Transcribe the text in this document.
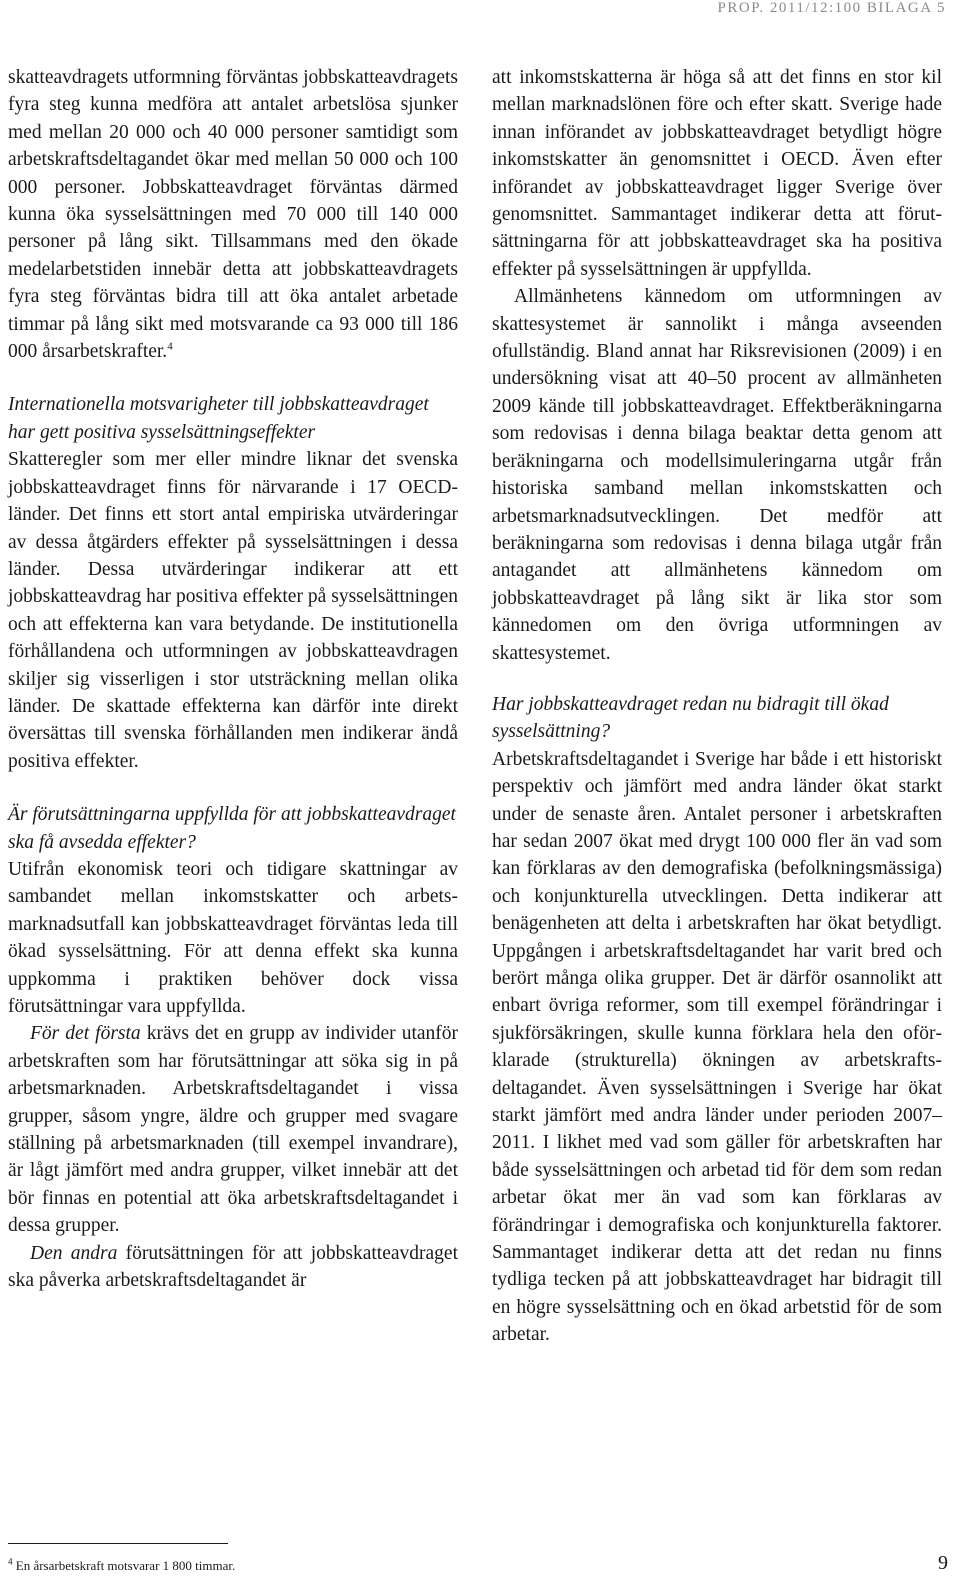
PROP. 2011/12:100 BILAGA 5

skatteavdragets utformning förväntas jobbskatteavdragets fyra steg kunna medföra att antalet arbetslösa sjunker med mellan 20 000 och 40 000 personer samtidigt som arbetskraftsdeltagandet ökar med mellan 50 000 och 100 000 personer. Jobbskatteavdraget förväntas därmed kunna öka sysselsättningen med 70 000 till 140 000 personer på lång sikt. Tillsammans med den ökade medelarbetstiden innebär detta att jobbskatteavdragets fyra steg förväntas bidra till att öka antalet arbetade timmar på lång sikt med motsvarande ca 93 000 till 186 000 årsarbetskrafter.$^4$

Internationella motsvarigheter till jobbskatteavdraget har gett positiva sysselsättningseffekter

Skatteregler som mer eller mindre liknar det svenska jobbskatteavdraget finns för närvarande i 17 OECD-länder. Det finns ett stort antal empiriska utvärderingar av dessa åtgärders effekter på sysselsättningen i dessa länder. Dessa utvärderingar indikerar att ett jobbskatteavdrag har positiva effekter på sysselsättningen och att effekterna kan vara betydande. De institutionella förhållandena och utformningen av jobbskatteavdragen skiljer sig visserligen i stor utsträckning mellan olika länder. De skattade effekterna kan därför inte direkt översättas till svenska förhållanden men indikerar ändå positiva effekter.

Är förutsättningarna uppfyllda för att jobbskatteavdraget ska få avsedda effekter?

Utifrån ekonomisk teori och tidigare skattningar av sambandet mellan inkomstskatter och arbetsmarknadsutfall kan jobbskatteavdraget förväntas leda till ökad sysselsättning. För att denna effekt ska kunna uppkomma i praktiken behöver dock vissa förutsättningar vara uppfyllda.

För det första krävs det en grupp av individer utanför arbetskraften som har förutsättningar att söka sig in på arbetsmarknaden. Arbetskraftsdeltagandet i vissa grupper, såsom yngre, äldre och grupper med svagare ställning på arbetsmarknaden (till exempel invandrare), är lågt jämfört med andra grupper, vilket innebär att det bör finnas en potential att öka arbetskraftsdeltagandet i dessa grupper.

Den andra förutsättningen för att jobbskatteavdraget ska påverka arbetskraftsdeltagandet är

att inkomstskatterna är höga så att det finns en stor kil mellan marknadslönen före och efter skatt. Sverige hade innan införandet av jobbskatteavdraget betydligt högre inkomstskatter än genomsnittet i OECD. Även efter införandet av jobbskatteavdraget ligger Sverige över genomsnittet. Sammantaget indikerar detta att förutsättningarna för att jobbskatteavdraget ska ha positiva effekter på sysselsättningen är uppfyllda.

Allmänhetens kännedom om utformningen av skattesystemet är sannolikt i många avseenden ofullständig. Bland annat har Riksrevisionen (2009) i en undersökning visat att 40–50 procent av allmänheten 2009 kände till jobbskatteavdraget. Effektberäkningarna som redovisas i denna bilaga beaktar detta genom att beräkningarna och modellsimuleringarna utgår från historiska samband mellan inkomstskatten och arbetsmarknadsutvecklingen. Det medför att beräkningarna som redovisas i denna bilaga utgår från antagandet att allmänhetens kännedom om jobbskatteavdraget på lång sikt är lika stor som kännedomen om den övriga utformningen av skattesystemet.

Har jobbskatteavdraget redan nu bidragit till ökad sysselsättning?

Arbetskraftsdeltagandet i Sverige har både i ett historiskt perspektiv och jämfört med andra länder ökat starkt under de senaste åren. Antalet personer i arbetskraften har sedan 2007 ökat med drygt 100 000 fler än vad som kan förklaras av den demografiska (befolkningsmässiga) och konjunkturella utvecklingen. Detta indikerar att benägenheten att delta i arbetskraften har ökat betydligt. Uppgången i arbetskraftsdeltagandet har varit bred och berört många olika grupper. Det är därför osannolikt att enbart övriga reformer, som till exempel förändringar i sjukförsäkringen, skulle kunna förklara hela den oförklarade (strukturella) ökningen av arbetskraftsdeltagandet. Även sysselsättningen i Sverige har ökat starkt jämfört med andra länder under perioden 2007–2011. I likhet med vad som gäller för arbetskraften har både sysselsättningen och arbetad tid för dem som redan arbetar ökat mer än vad som kan förklaras av förändringar i demografiska och konjunkturella faktorer. Sammantaget indikerar detta att det redan nu finns tydliga tecken på att jobbskatteavdraget har bidragit till en högre sysselsättning och en ökad arbetstid för de som arbetar.

$^4$ En årsarbetskraft motsvarar 1 800 timmar.	9
